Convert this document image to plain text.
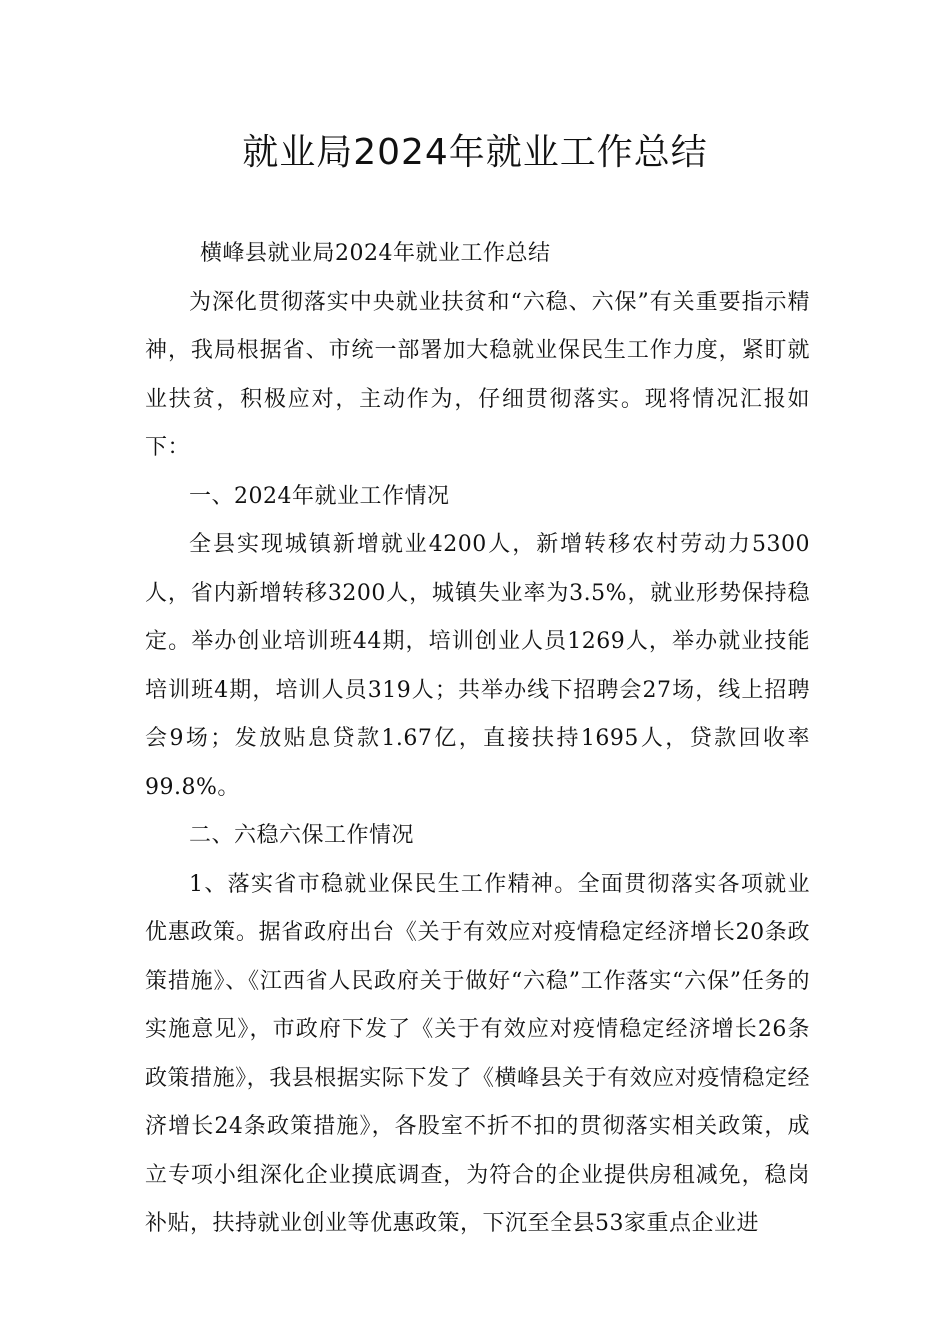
就业局2024年就业工作总结

横峰县就业局2024年就业工作总结

为深化贯彻落实中央就业扶贫和“六稳、六保”有关重要指示精神，我局根据省、市统一部署加大稳就业保民生工作力度，紧盯就业扶贫，积极应对，主动作为，仔细贯彻落实。现将情况汇报如下：

一、2024年就业工作情况

全县实现城镇新增就业4200人，新增转移农村劳动力5300人，省内新增转移3200人，城镇失业率为3.5%，就业形势保持稳定。举办创业培训班44期，培训创业人员1269人，举办就业技能培训班4期，培训人员319人；共举办线下招聘会27场，线上招聘会9场；发放贴息贷款1.67亿，直接扶持1695人，贷款回收率99.8%。

二、六稳六保工作情况

1、落实省市稳就业保民生工作精神。全面贯彻落实各项就业优惠政策。据省政府出台《关于有效应对疫情稳定经济增长20条政策措施》、《江西省人民政府关于做好“六稳”工作落实“六保”任务的实施意见》，市政府下发了《关于有效应对疫情稳定经济增长26条政策措施》，我县根据实际下发了《横峰县关于有效应对疫情稳定经济增长24条政策措施》，各股室不折不扣的贯彻落实相关政策，成立专项小组深化企业摸底调查，为符合的企业提供房租减免，稳岗补贴，扶持就业创业等优惠政策，下沉至全县53家重点企业进
